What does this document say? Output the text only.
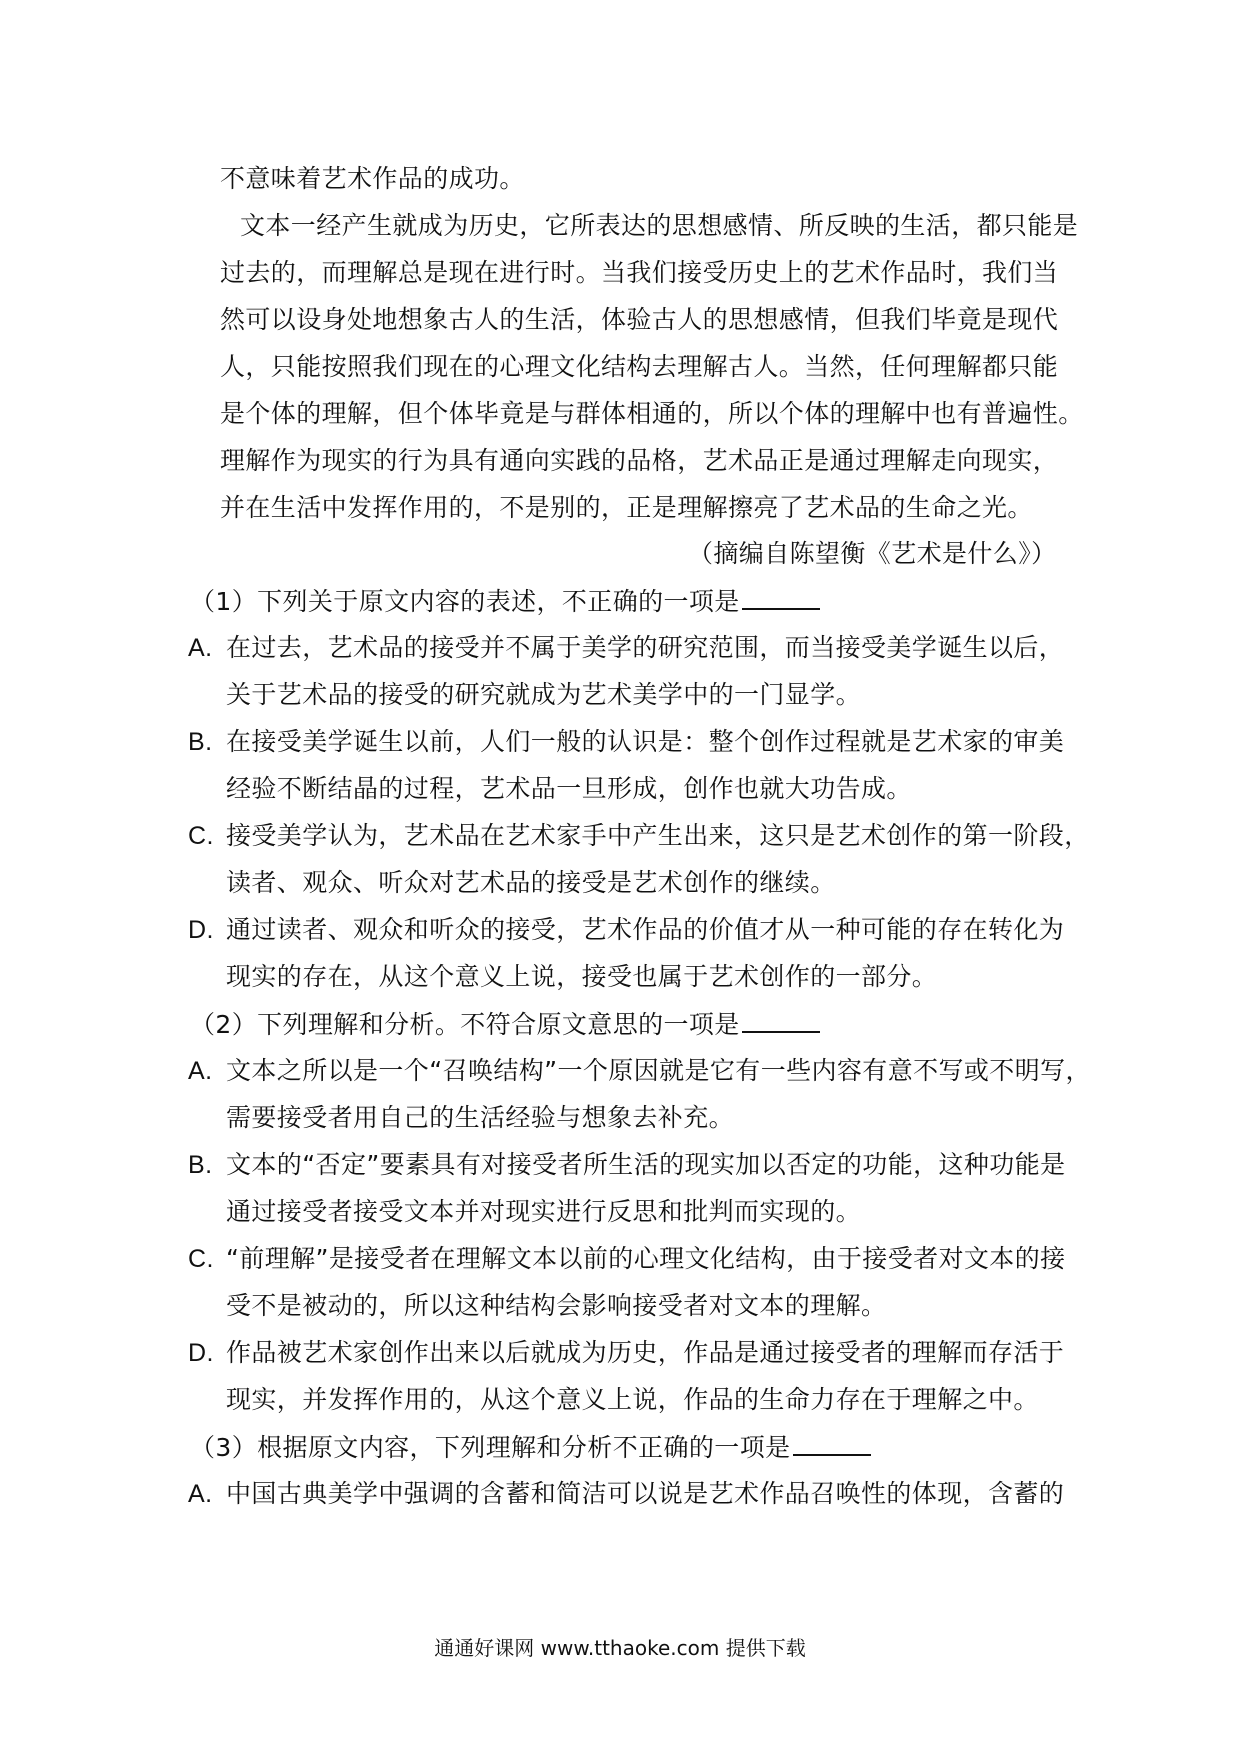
不意味着艺术作品的成功。
文本一经产生就成为历史，它所表达的思想感情、所反映的生活，都只能是
过去的，而理解总是现在进行时。当我们接受历史上的艺术作品时，我们当
然可以设身处地想象古人的生活，体验古人的思想感情，但我们毕竟是现代
人，只能按照我们现在的心理文化结构去理解古人。当然，任何理解都只能
是个体的理解，但个体毕竟是与群体相通的，所以个体的理解中也有普遍性。
理解作为现实的行为具有通向实践的品格，艺术品正是通过理解走向现实，
并在生活中发挥作用的，不是别的，正是理解擦亮了艺术品的生命之光。
（摘编自陈望衡《艺术是什么》）
（1）下列关于原文内容的表述，不正确的一项是
A. 在过去，艺术品的接受并不属于美学的研究范围，而当接受美学诞生以后，
关于艺术品的接受的研究就成为艺术美学中的一门显学。
B. 在接受美学诞生以前，人们一般的认识是：整个创作过程就是艺术家的审美
经验不断结晶的过程，艺术品一旦形成，创作也就大功告成。
C. 接受美学认为，艺术品在艺术家手中产生出来，这只是艺术创作的第一阶段，
读者、观众、听众对艺术品的接受是艺术创作的继续。
D. 通过读者、观众和听众的接受，艺术作品的价值才从一种可能的存在转化为
现实的存在，从这个意义上说，接受也属于艺术创作的一部分。
（2）下列理解和分析。不符合原文意思的一项是
A. 文本之所以是一个“召唤结构”一个原因就是它有一些内容有意不写或不明写，
需要接受者用自己的生活经验与想象去补充。
B. 文本的“否定”要素具有对接受者所生活的现实加以否定的功能，这种功能是
通过接受者接受文本并对现实进行反思和批判而实现的。
C. “前理解”是接受者在理解文本以前的心理文化结构，由于接受者对文本的接
受不是被动的，所以这种结构会影响接受者对文本的理解。
D. 作品被艺术家创作出来以后就成为历史，作品是通过接受者的理解而存活于
现实，并发挥作用的，从这个意义上说，作品的生命力存在于理解之中。
（3）根据原文内容，下列理解和分析不正确的一项是
A. 中国古典美学中强调的含蓄和简洁可以说是艺术作品召唤性的体现，含蓄的
通通好课网 www.tthaoke.com 提供下载
